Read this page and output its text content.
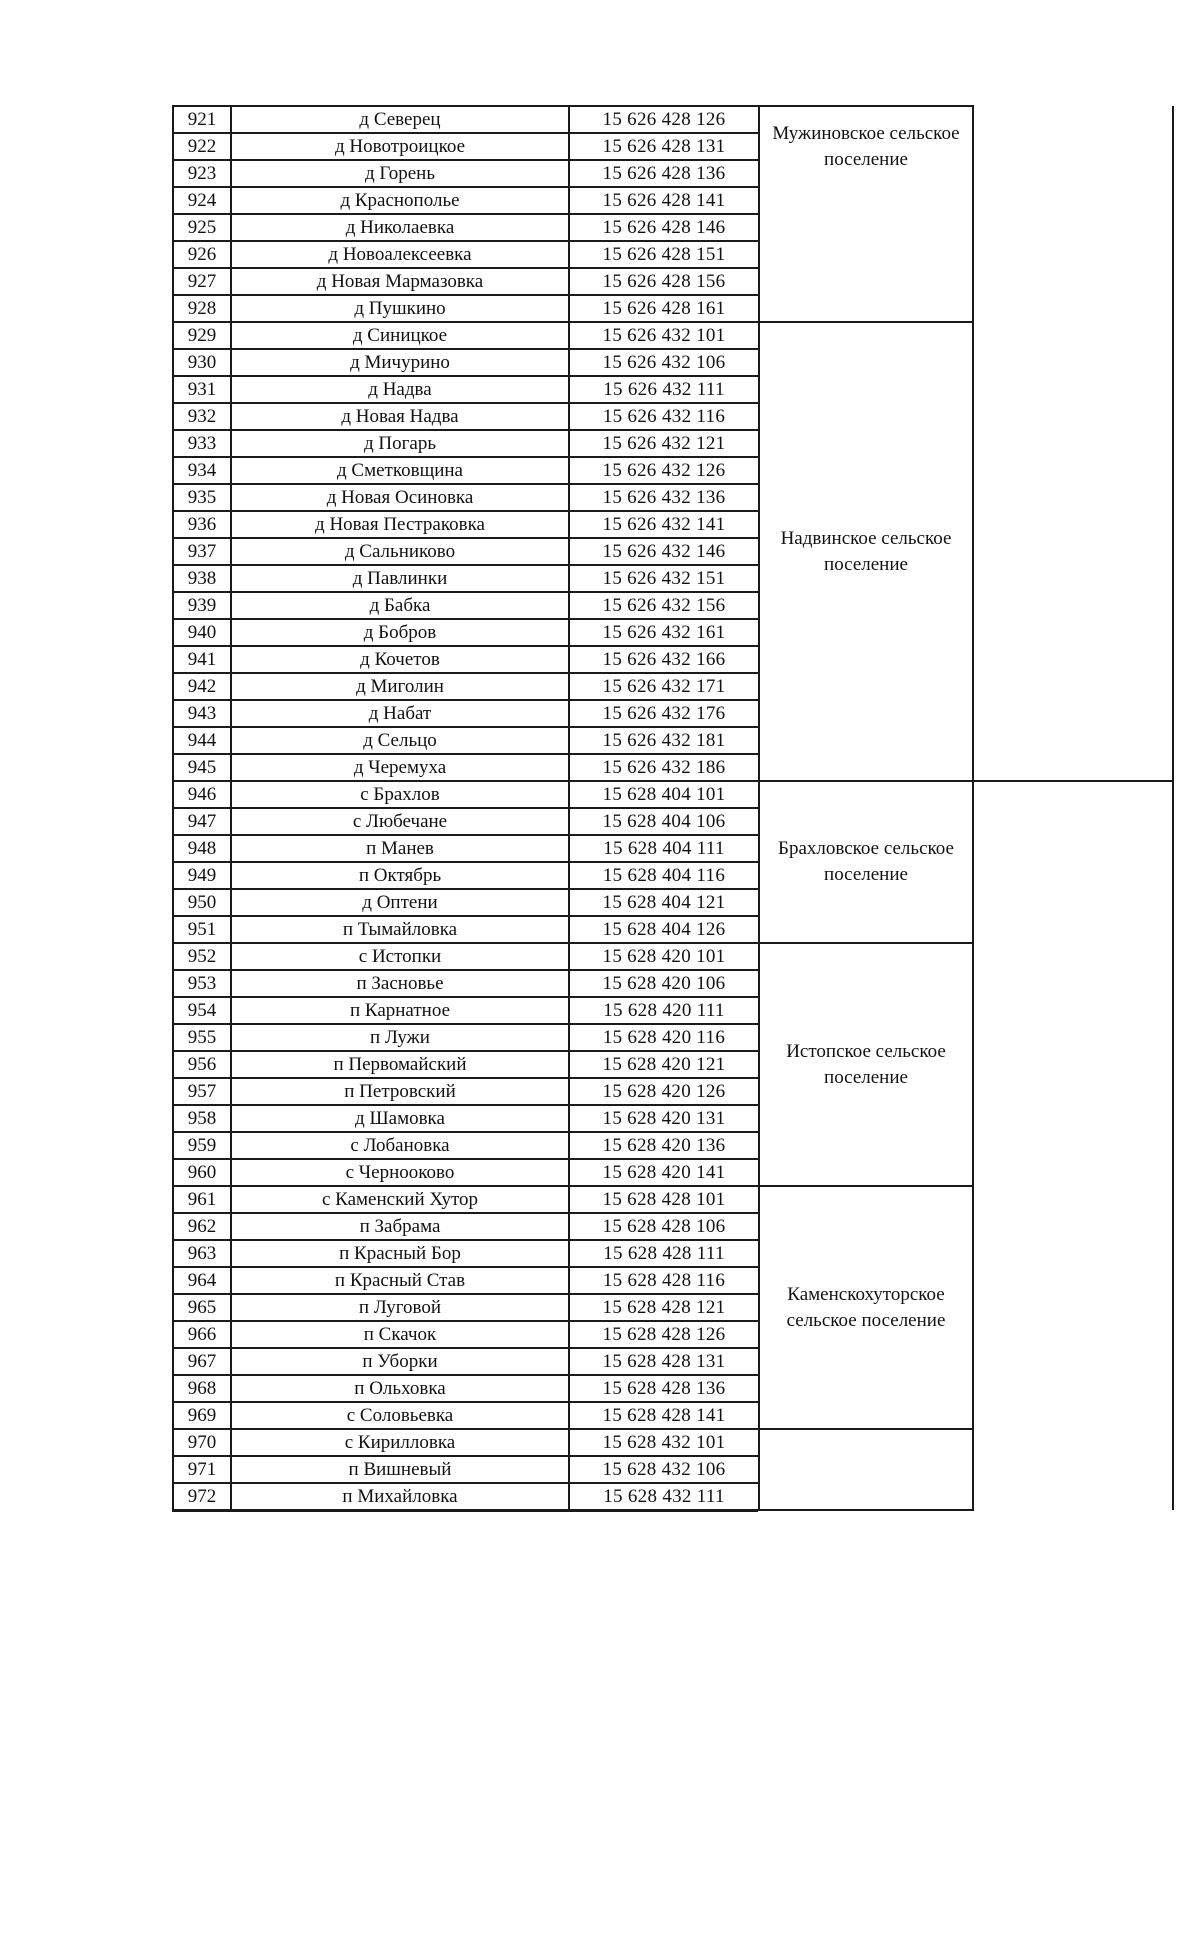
921	д Северец	15 626 428 126	Мужиновское сельское поселение	
922	д Новотроицкое	15 626 428 131		
923	д Горень	15 626 428 136		
924	д Краснополье	15 626 428 141		
925	д Николаевка	15 626 428 146		
926	д Новоалексеевка	15 626 428 151		
927	д Новая Мармазовка	15 626 428 156		
928	д Пушкино	15 626 428 161		
929	д Синицкое	15 626 432 101	Надвинское сельское поселение	
930	д Мичурино	15 626 432 106		
931	д Надва	15 626 432 111		
932	д Новая Надва	15 626 432 116		
933	д Погарь	15 626 432 121		
934	д Сметковщина	15 626 432 126		
935	д Новая Осиновка	15 626 432 136		
936	д Новая Пестраковка	15 626 432 141		
937	д Сальниково	15 626 432 146		
938	д Павлинки	15 626 432 151		
939	д Бабка	15 626 432 156		
940	д Бобров	15 626 432 161		
941	д Кочетов	15 626 432 166		
942	д Миголин	15 626 432 171		
943	д Набат	15 626 432 176		
944	д Сельцо	15 626 432 181		
945	д Черемуха	15 626 432 186		
946	с Брахлов	15 628 404 101	Брахловское сельское поселение	
947	с Любечане	15 628 404 106		
948	п Манев	15 628 404 111		
949	п Октябрь	15 628 404 116		
950	д Оптени	15 628 404 121		
951	п Тымайловка	15 628 404 126		
952	с Истопки	15 628 420 101	Истопское сельское поселение	
953	п Засновье	15 628 420 106		
954	п Карнатное	15 628 420 111		
955	п Лужи	15 628 420 116		
956	п Первомайский	15 628 420 121		
957	п Петровский	15 628 420 126		
958	д Шамовка	15 628 420 131		
959	с Лобановка	15 628 420 136		
960	с Чернооково	15 628 420 141		
961	с Каменский Хутор	15 628 428 101	Каменскохуторское сельское поселение	
962	п Забрама	15 628 428 106		
963	п Красный Бор	15 628 428 111		
964	п Красный Став	15 628 428 116		
965	п Луговой	15 628 428 121		
966	п Скачок	15 628 428 126		
967	п Уборки	15 628 428 131		
968	п Ольховка	15 628 428 136		
969	с Соловьевка	15 628 428 141		
970	с Кирилловка	15 628 432 101		
971	п Вишневый	15 628 432 106		
972	п Михайловка	15 628 432 111		
